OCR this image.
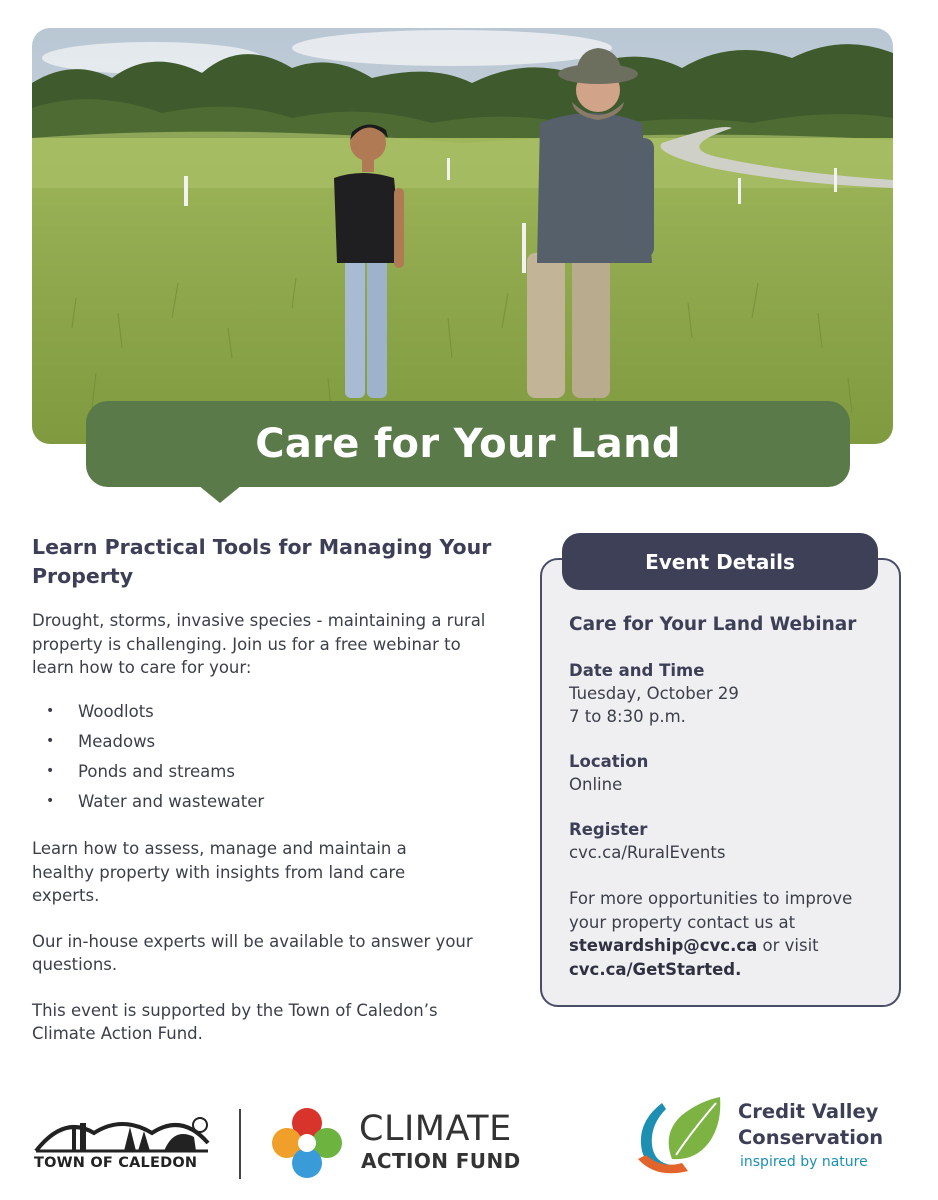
Care for Your Land
Learn Practical Tools for Managing Your Property

Drought, storms, invasive species - maintaining a rural property is challenging. Join us for a free webinar to learn how to care for your:

• Woodlots
• Meadows
• Ponds and streams
• Water and wastewater

Learn how to assess, manage and maintain a healthy property with insights from land care experts.

Our in-house experts will be available to answer your questions.

This event is supported by the Town of Caledon’s Climate Action Fund.

Event Details
Care for Your Land Webinar
Date and Time
Tuesday, October 29
7 to 8:30 p.m.
Location
Online
Register
cvc.ca/RuralEvents
For more opportunities to improve your property contact us at stewardship@cvc.ca or visit cvc.ca/GetStarted.
TOWN OF CALEDON
CLIMATE
ACTION FUND
Credit Valley
Conservation
inspired by nature
